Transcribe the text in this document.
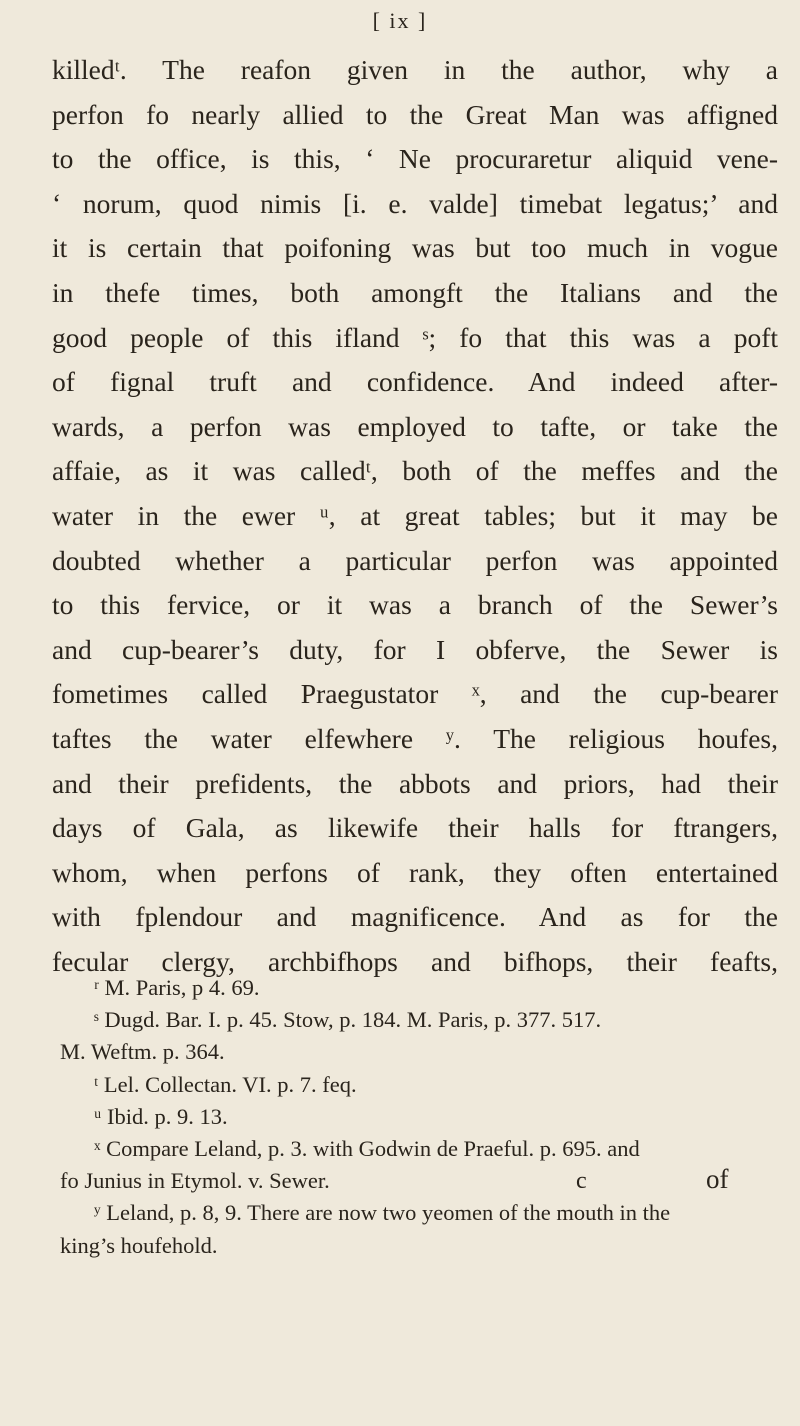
[ ix ]
killedᵗ. The reafon given in the author, why a
perfon fo nearly allied to the Great Man was affigned
to the office, is this, ‘ Ne procuraretur aliquid vene-
‘ norum, quod nimis [i. e. valde] timebat legatus;’ and
it is certain that poifoning was but too much in vogue
in thefe times, both amongft the Italians and the
good people of this ifland ˢ; fo that this was a poft
of fignal truft and confidence. And indeed after-
wards, a perfon was employed to tafte, or take the
affaie, as it was calledᵗ, both of the meffes and the
water in the ewer ᵘ, at great tables; but it may be
doubted whether a particular perfon was appointed
to this fervice, or it was a branch of the Sewer’s
and cup-bearer’s duty, for I obferve, the Sewer is
fometimes called Praegustator ˣ, and the cup-bearer
taftes the water elfewhere ʸ. The religious houfes,
and their prefidents, the abbots and priors, had their
days of Gala, as likewife their halls for ftrangers,
whom, when perfons of rank, they often entertained
with fplendour and magnificence. And as for the
fecular clergy, archbifhops and bifhops, their feafts,
ʳ M. Paris, p 4. 69.
ˢ Dugd. Bar. I. p. 45. Stow, p. 184. M. Paris, p. 377. 517.
M. Weftm. p. 364.
ᵗ Lel. Collectan. VI. p. 7. feq.
ᵘ Ibid. p. 9. 13.
ˣ Compare Leland, p. 3. with Godwin de Praeful. p. 695. and
fo Junius in Etymol. v. Sewer.
ʸ Leland, p. 8, 9. There are now two yeomen of the mouth in the
king’s houfehold.
c	of
